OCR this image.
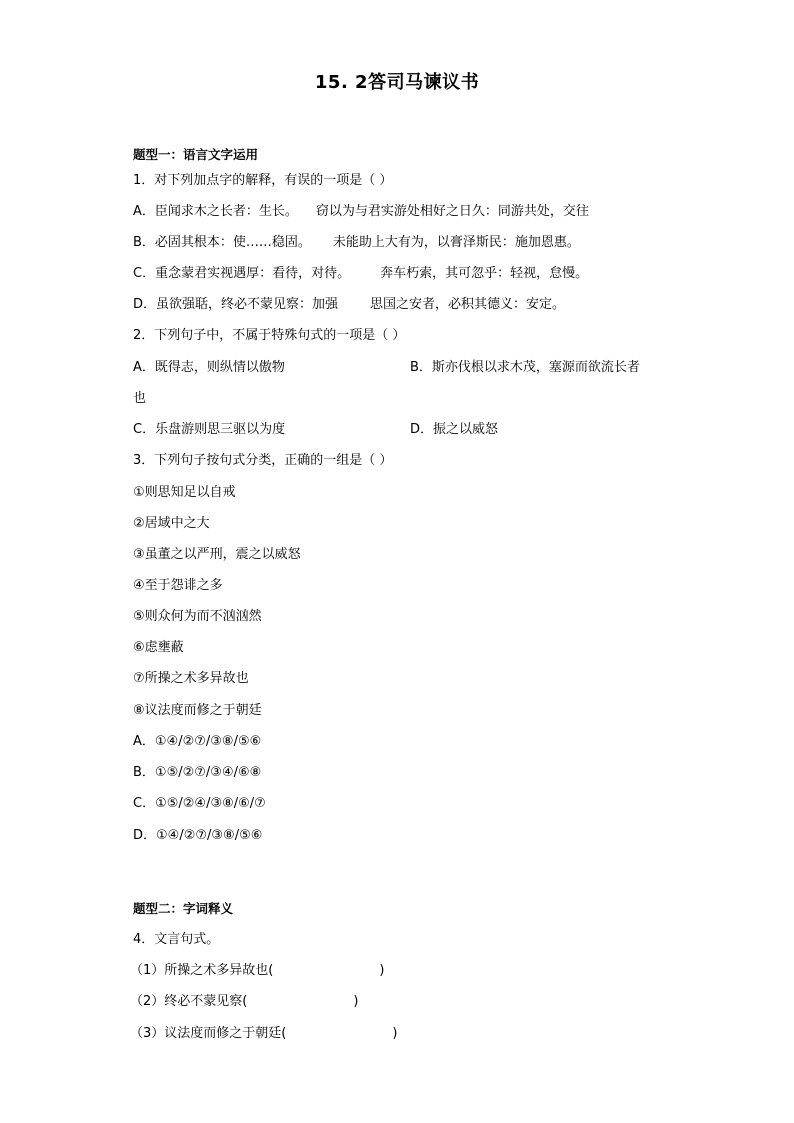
15. 2答司马谏议书
题型一：语言文字运用
1．对下列加点字的解释，有误的一项是（ ）
A．臣闻求木之长者：生长。 窃以为与君实游处相好之日久：同游共处，交往
B．必固其根本：使……稳固。 未能助上大有为，以膏泽斯民：施加恩惠。
C．重念蒙君实视遇厚：看待，对待。 奔车朽索，其可忽乎：轻视，怠慢。
D．虽欲强聒，终必不蒙见察：加强 思国之安者，必积其德义：安定。
2．下列句子中，不属于特殊句式的一项是（ ）
A．既得志，则纵情以傲物	B．斯亦伐根以求木茂，塞源而欲流长者
也
C．乐盘游则思三驱以为度	D．振之以威怒
3．下列句子按句式分类，正确的一组是（ ）
①则思知足以自戒
②居域中之大
③虽董之以严刑，震之以威怒
④至于怨诽之多
⑤则众何为而不汹汹然
⑥虑壅蔽
⑦所操之术多异故也
⑧议法度而修之于朝廷
A．①④/②⑦/③⑧/⑤⑥
B．①⑤/②⑦/③④/⑥⑧
C．①⑤/②④/③⑧/⑥/⑦
D．①④/②⑦/③⑧/⑤⑥
题型二：字词释义
4．文言句式。
（1）所操之术多异故也(	)
（2）终必不蒙见察(	)
（3）议法度而修之于朝廷(	)
